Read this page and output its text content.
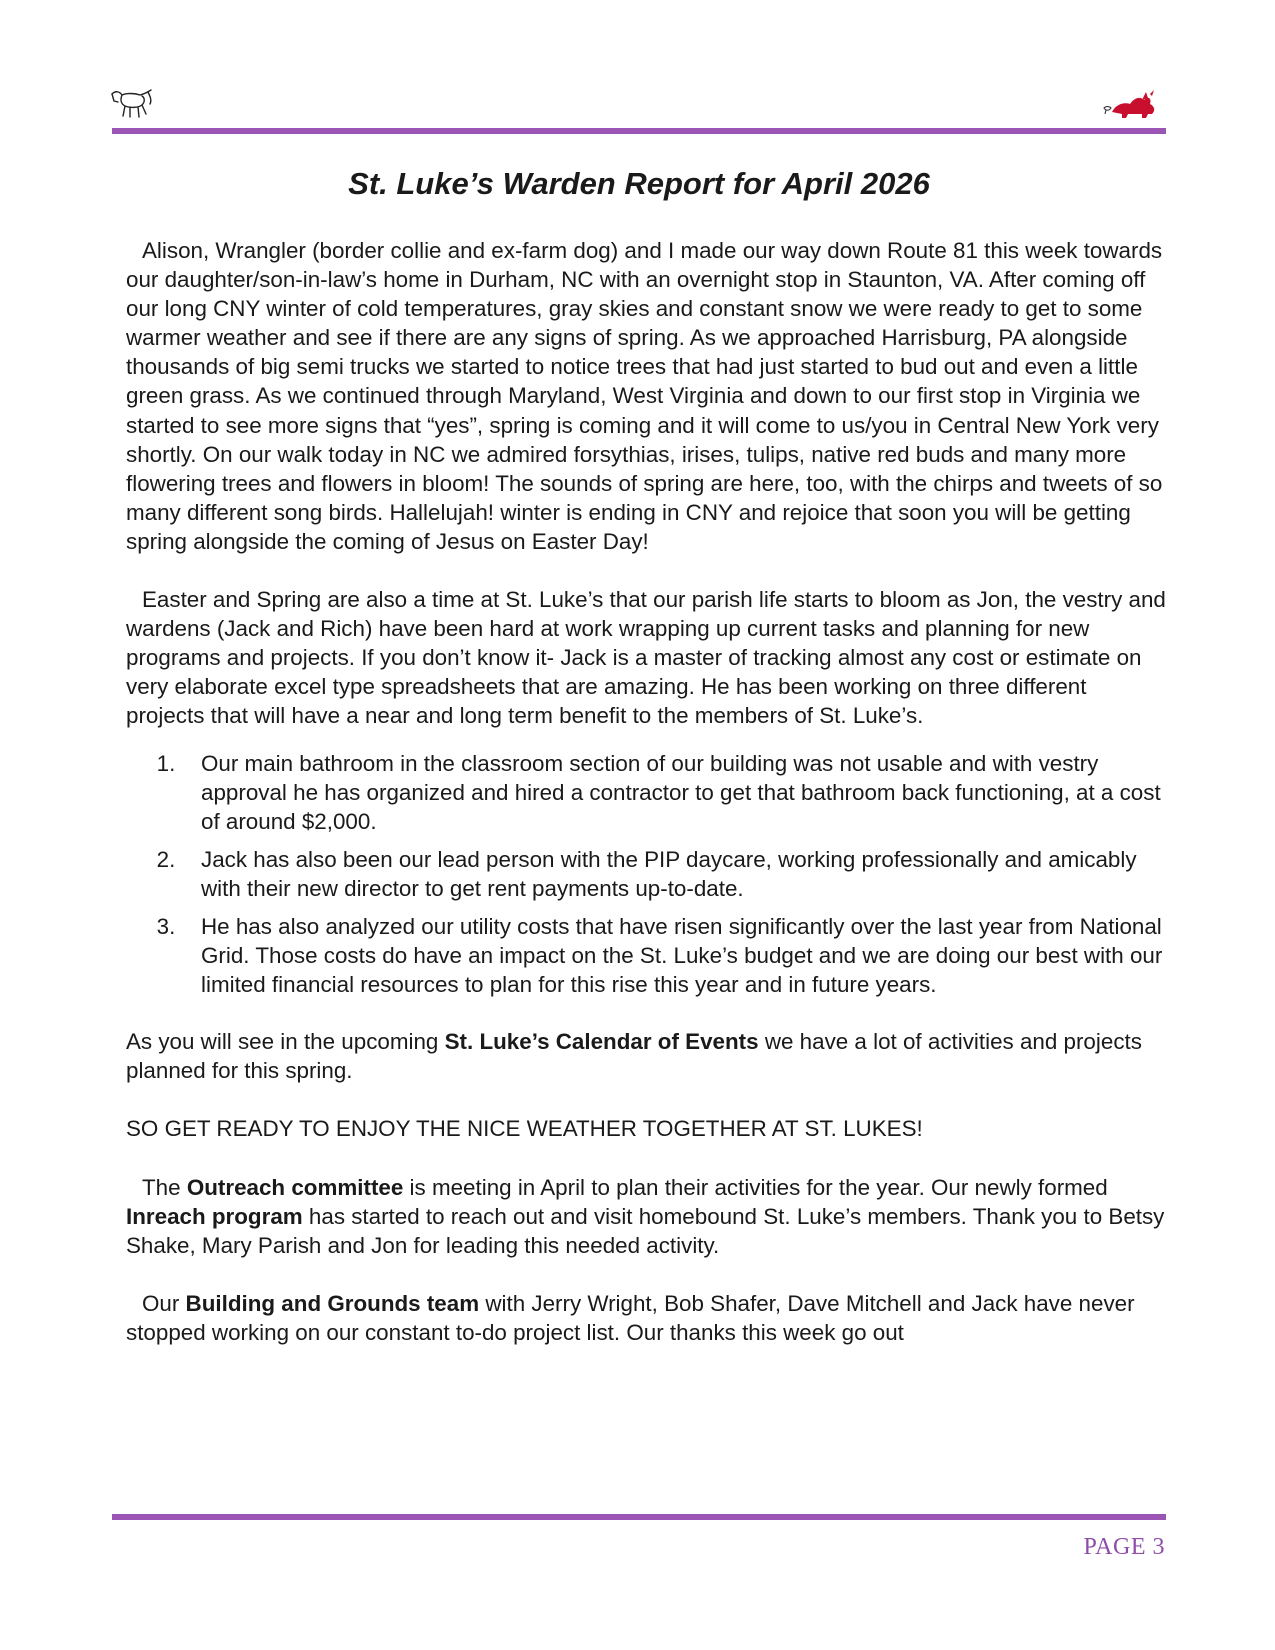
St. Luke’s Warden Report for April 2026

Alison, Wrangler (border collie and ex-farm dog) and I made our way down Route 81 this week towards our daughter/son-in-law’s home in Durham, NC with an overnight stop in Staunton, VA. After coming off our long CNY winter of cold temperatures, gray skies and constant snow we were ready to get to some warmer weather and see if there are any signs of spring. As we approached Harrisburg, PA alongside thousands of big semi trucks we started to notice trees that had just started to bud out and even a little green grass. As we continued through Maryland, West Virginia and down to our first stop in Virginia we started to see more signs that “yes”, spring is coming and it will come to us/you in Central New York very shortly. On our walk today in NC we admired forsythias, irises, tulips, native red buds and many more flowering trees and flowers in bloom! The sounds of spring are here, too, with the chirps and tweets of so many different song birds. Hallelujah! winter is ending in CNY and rejoice that soon you will be getting spring alongside the coming of Jesus on Easter Day!

Easter and Spring are also a time at St. Luke’s that our parish life starts to bloom as Jon, the vestry and wardens (Jack and Rich) have been hard at work wrapping up current tasks and planning for new programs and projects. If you don’t know it- Jack is a master of tracking almost any cost or estimate on very elaborate excel type spreadsheets that are amazing. He has been working on three different projects that will have a near and long term benefit to the members of St. Luke’s.

1.	Our main bathroom in the classroom section of our building was not usable and with vestry approval he has organized and hired a contractor to get that bathroom back functioning, at a cost of around $2,000.
2.	Jack has also been our lead person with the PIP daycare, working professionally and amicably with their new director to get rent payments up-to-date.
3.	He has also analyzed our utility costs that have risen significantly over the last year from National Grid. Those costs do have an impact on the St. Luke’s budget and we are doing our best with our limited financial resources to plan for this rise this year and in future years.

As you will see in the upcoming St. Luke’s Calendar of Events we have a lot of activities and projects planned for this spring.

SO GET READY TO ENJOY THE NICE WEATHER TOGETHER AT ST. LUKES!

The Outreach committee is meeting in April to plan their activities for the year. Our newly formed Inreach program has started to reach out and visit homebound St. Luke’s members. Thank you to Betsy Shake, Mary Parish and Jon for leading this needed activity.

Our Building and Grounds team with Jerry Wright, Bob Shafer, Dave Mitchell and Jack have never stopped working on our constant to-do project list. Our thanks this week go out

PAGE 3
